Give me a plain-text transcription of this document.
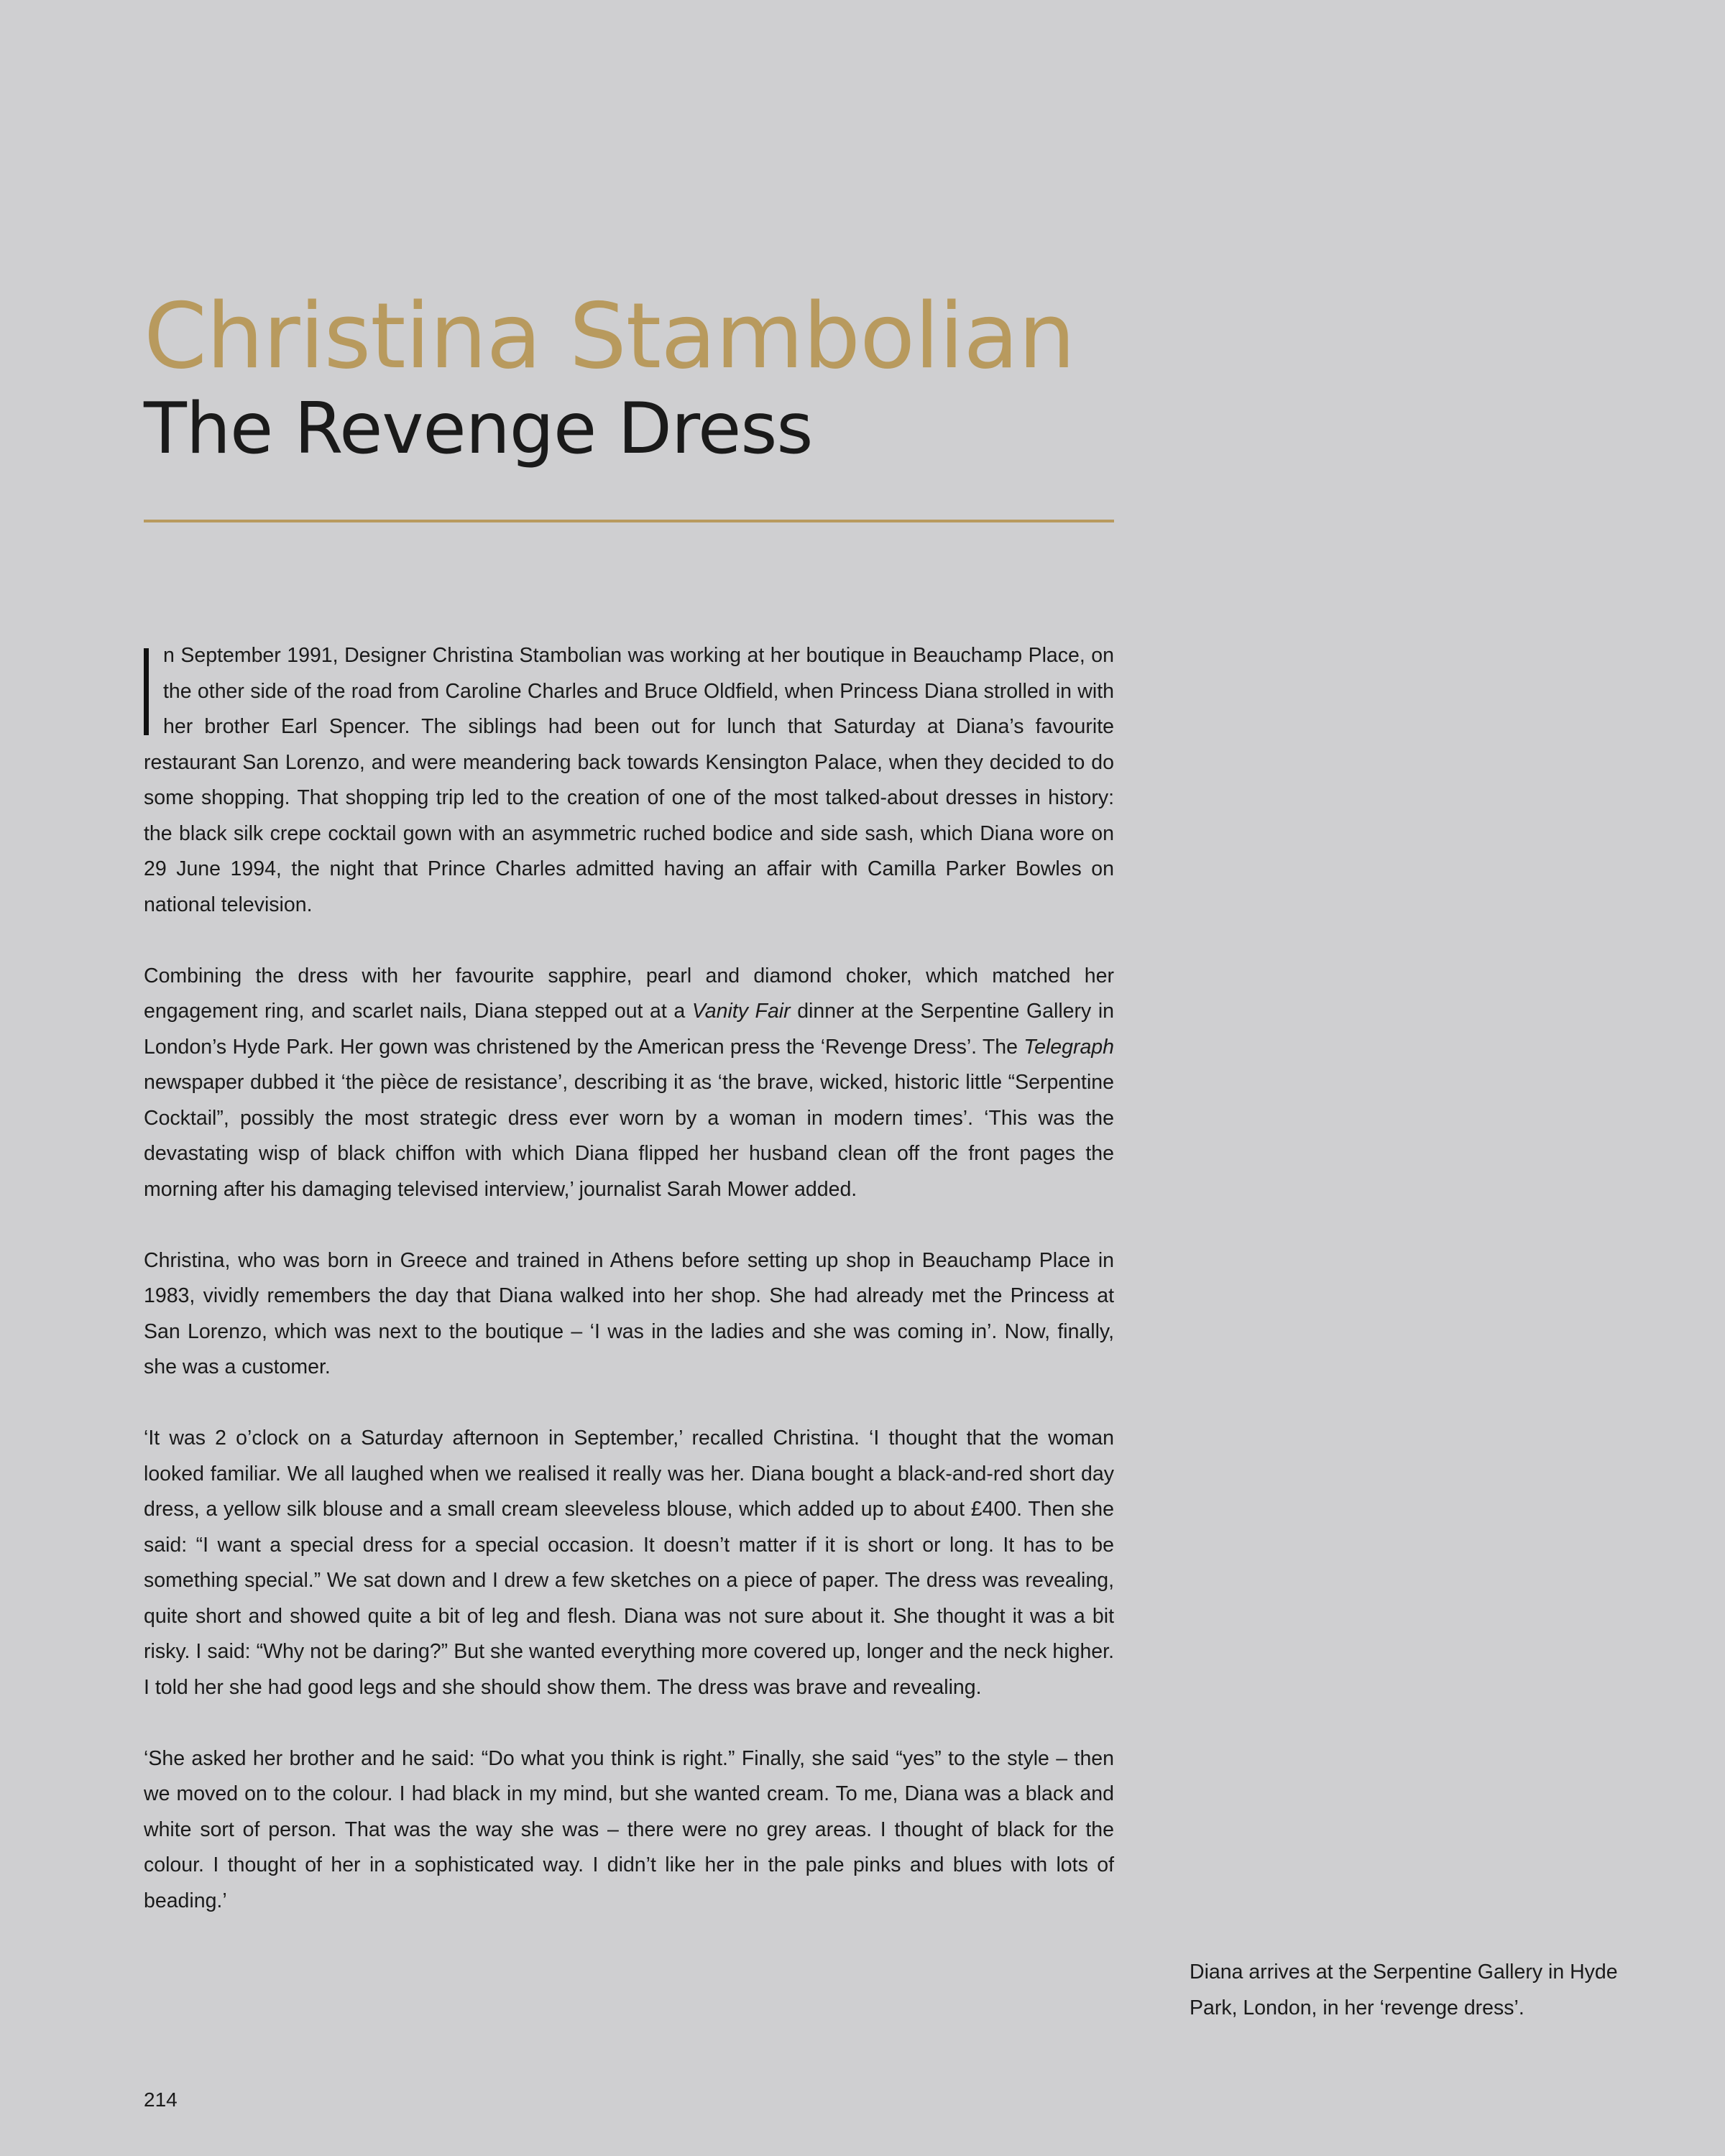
Christina Stambolian
The Revenge Dress

n September 1991, Designer Christina Stambolian was working at her boutique in Beauchamp Place, on the other side of the road from Caroline Charles and Bruce Oldfield, when Princess Diana strolled in with her brother Earl Spencer. The siblings had been out for lunch that Saturday at Diana’s favourite restaurant San Lorenzo, and were meandering back towards Kensington Palace, when they decided to do some shopping. That shopping trip led to the creation of one of the most talked-about dresses in history: the black silk crepe cocktail gown with an asymmetric ruched bodice and side sash, which Diana wore on 29 June 1994, the night that Prince Charles admitted having an affair with Camilla Parker Bowles on national television.

Combining the dress with her favourite sapphire, pearl and diamond choker, which matched her engagement ring, and scarlet nails, Diana stepped out at a Vanity Fair dinner at the Serpentine Gallery in London’s Hyde Park. Her gown was christened by the American press the ‘Revenge Dress’. The Telegraph newspaper dubbed it ‘the pièce de resistance’, describing it as ‘the brave, wicked, historic little “Serpentine Cocktail”, possibly the most strategic dress ever worn by a woman in modern times’. ‘This was the devastating wisp of black chiffon with which Diana flipped her husband clean off the front pages the morning after his damaging televised interview,’ journalist Sarah Mower added.

Christina, who was born in Greece and trained in Athens before setting up shop in Beauchamp Place in 1983, vividly remembers the day that Diana walked into her shop. She had already met the Princess at San Lorenzo, which was next to the boutique – ‘I was in the ladies and she was coming in’. Now, finally, she was a customer.

‘It was 2 o’clock on a Saturday afternoon in September,’ recalled Christina. ‘I thought that the woman looked familiar. We all laughed when we realised it really was her. Diana bought a black-and-red short day dress, a yellow silk blouse and a small cream sleeveless blouse, which added up to about £400. Then she said: “I want a special dress for a special occasion. It doesn’t matter if it is short or long. It has to be something special.” We sat down and I drew a few sketches on a piece of paper. The dress was revealing, quite short and showed quite a bit of leg and flesh. Diana was not sure about it. She thought it was a bit risky. I said: “Why not be daring?” But she wanted everything more covered up, longer and the neck higher. I told her she had good legs and she should show them. The dress was brave and revealing.

‘She asked her brother and he said: “Do what you think is right.” Finally, she said “yes” to the style – then we moved on to the colour. I had black in my mind, but she wanted cream. To me, Diana was a black and white sort of person. That was the way she was – there were no grey areas. I thought of black for the colour. I thought of her in a sophisticated way. I didn’t like her in the pale pinks and blues with lots of beading.’

Diana arrives at the Serpentine Gallery in Hyde Park, London, in her ‘revenge dress’.
214
